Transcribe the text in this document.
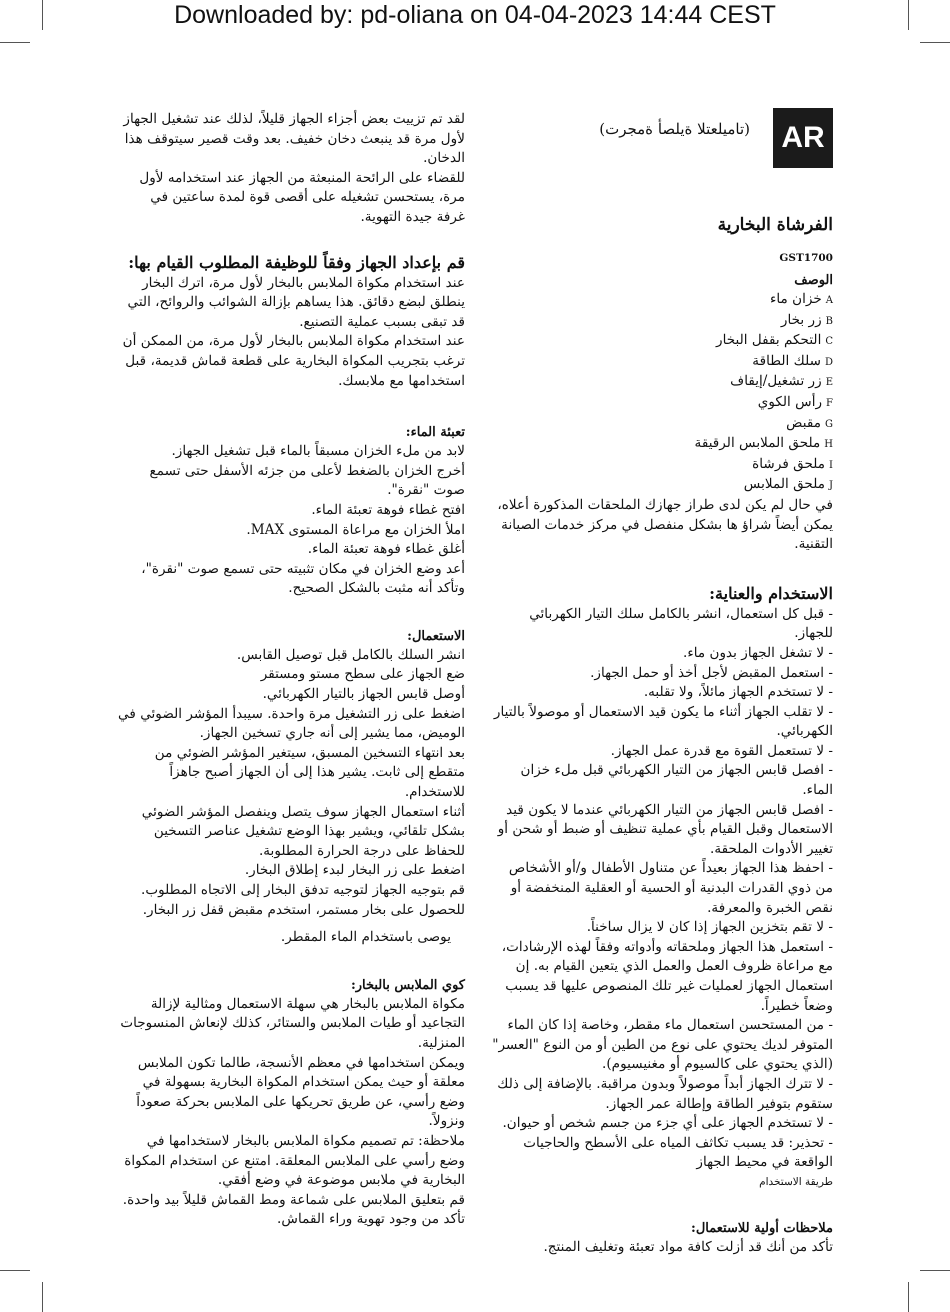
Downloaded by: pd-oliana on 04-04-2023 14:44 CEST
AR
(تامیلعتلا ةیلصأ ةمجرت)
الفرشاة البخارية
GST1700
الوصف
Aخزان ماء
Bزر بخار
Cالتحكم بقفل البخار
Dسلك الطاقة
Eزر تشغيل/إيقاف
Fرأس الكوي
Gمقبض
Hملحق الملابس الرقيقة
Iملحق فرشاة
Jملحق الملابس

في حال لم يكن لدى طراز جهازك الملحقات المذكورة أعلاه، يمكن أيضاً شراؤ ها بشكل منفصل في مركز خدمات الصيانة التقنية.

الاستخدام والعناية:

- قبل كل استعمال، انشر بالكامل سلك التيار الكهربائي للجهاز.

- لا تشغل الجهاز بدون ماء.

- استعمل المقبض لأجل أخذ أو حمل الجهاز.

- لا تستخدم الجهاز مائلاً، ولا تقلبه.

- لا تقلب الجهاز أثناء ما يكون قيد الاستعمال أو موصولاً بالتيار الكهربائي.

- لا تستعمل القوة مع قدرة عمل الجهاز.

- افصل قابس الجهاز من التيار الكهربائي قبل ملء خزان الماء.

- افصل قابس الجهاز من التيار الكهربائي عندما لا يكون قيد الاستعمال وقبل القيام بأي عملية تنظيف أو ضبط أو شحن أو تغيير الأدوات الملحقة.

- احفظ هذا الجهاز بعيداً عن متناول الأطفال و/أو الأشخاص من ذوي القدرات البدنية أو الحسية أو العقلية المنخفضة أو نقص الخبرة والمعرفة.

- لا تقم بتخزين الجهاز إذا كان لا يزال ساخناً.

- استعمل هذا الجهاز وملحقاته وأدواته وفقاً لهذه الإرشادات، مع مراعاة ظروف العمل والعمل الذي يتعين القيام به. إن استعمال الجهاز لعمليات غير تلك المنصوص عليها قد يسبب وضعاً خطيراً.

- من المستحسن استعمال ماء مقطر، وخاصة إذا كان الماء المتوفر لديك يحتوي على نوع من الطين أو من النوع "العسر" (الذي يحتوي على كالسيوم أو مغنيسيوم).

- لا تترك الجهاز أبداً موصولاً وبدون مراقبة. بالإضافة إلى ذلك ستقوم بتوفير الطاقة وإطالة عمر الجهاز.

- لا تستخدم الجهاز على أي جزء من جسم شخص أو حيوان.

- تحذير: قد يسبب تكاثف المياه على الأسطح والحاجيات الواقعة في محيط الجهاز

طريقة الاستخدام
ملاحظات أولية للاستعمال:

تأكد من أنك قد أزلت كافة مواد تعبئة وتغليف المنتج.

لقد تم تزييت بعض أجزاء الجهاز قليلاً، لذلك عند تشغيل الجهاز لأول مرة قد ينبعث دخان خفيف. بعد وقت قصير سيتوقف هذا الدخان.

للقضاء على الرائحة المنبعثة من الجهاز عند استخدامه لأول مرة، يستحسن تشغيله على أقصى قوة لمدة ساعتين في غرفة جيدة التهوية.

قم بإعداد الجهاز وفقاً للوظيفة المطلوب القيام بها:

عند استخدام مكواة الملابس بالبخار لأول مرة، اترك البخار ينطلق لبضع دقائق. هذا يساهم بإزالة الشوائب والروائح، التي قد تبقى بسبب عملية التصنيع.

عند استخدام مكواة الملابس بالبخار لأول مرة، من الممكن أن ترغب بتجريب المكواة البخارية على قطعة قماش قديمة، قبل استخدامها مع ملابسك.

تعبئة الماء:

لابد من ملء الخزان مسبقاً بالماء قبل تشغيل الجهاز.

أخرج الخزان بالضغط لأعلى من جزئه الأسفل حتى تسمع صوت "نقرة".

افتح غطاء فوهة تعبئة الماء.

املأ الخزان مع مراعاة المستوى MAX.

أغلق غطاء فوهة تعبئة الماء.

أعد وضع الخزان في مكان تثبيته حتى تسمع صوت "نقرة"، وتأكد أنه مثبت بالشكل الصحيح.

الاستعمال:

انشر السلك بالكامل قبل توصيل القابس.

ضع الجهاز على سطح مستو ومستقر

أوصل قابس الجهاز بالتيار الكهربائي.

اضغط على زر التشغيل مرة واحدة. سيبدأ المؤشر الضوئي في الوميض، مما يشير إلى أنه جاري تسخين الجهاز.

بعد انتهاء التسخين المسبق، سيتغير المؤشر الضوئي من متقطع إلى ثابت. يشير هذا إلى أن الجهاز أصبح جاهزاً للاستخدام.

أثناء استعمال الجهاز سوف يتصل وينفصل المؤشر الضوئي بشكل تلقائي، ويشير بهذا الوضع تشغيل عناصر التسخين للحفاظ على درجة الحرارة المطلوبة.

اضغط على زر البخار لبدء إطلاق البخار.

قم بتوجيه الجهاز لتوجيه تدفق البخار إلى الاتجاه المطلوب.

للحصول على بخار مستمر، استخدم مقبض قفل زر البخار.

يوصى باستخدام الماء المقطر.

كوي الملابس بالبخار:

مكواة الملابس بالبخار هي سهلة الاستعمال ومثالية لإزالة التجاعيد أو طيات الملابس والستائر، كذلك لإنعاش المنسوجات المنزلية.

ويمكن استخدامها في معظم الأنسجة، طالما تكون الملابس معلقة أو حيث يمكن استخدام المكواة البخارية بسهولة في وضع رأسي، عن طريق تحريكها على الملابس بحركة صعوداً ونزولاً.

ملاحظة: تم تصميم مكواة الملابس بالبخار لاستخدامها في وضع رأسي على الملابس المعلقة. امتنع عن استخدام المكواة البخارية في ملابس موضوعة في وضع أفقي.

قم بتعليق الملابس على شماعة ومط القماش قليلاً بيد واحدة.

تأكد من وجود تهوية وراء القماش.
